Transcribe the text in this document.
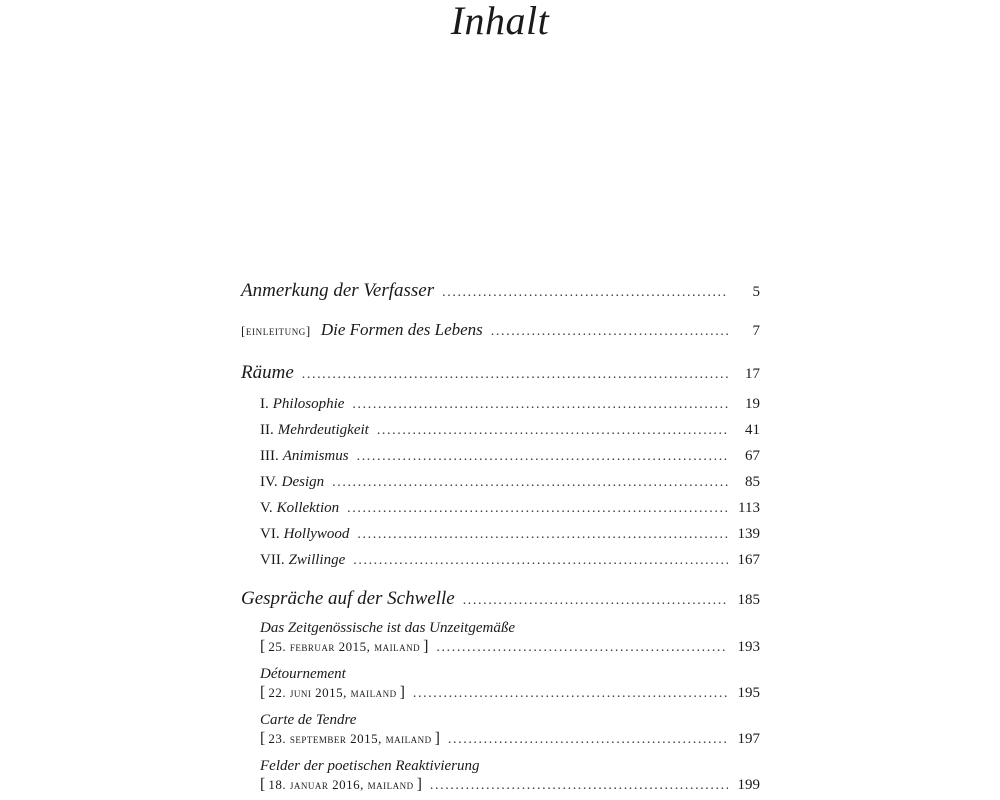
Inhalt
Anmerkung der Verfasser .....	5
[einleitung] Die Formen des Lebens .....	7
Räume .....	17
I. Philosophie .....	19
II. Mehrdeutigkeit .....	41
III. Animismus .....	67
IV. Design .....	85
V. Kollektion .....	113
VI. Hollywood .....	139
VII. Zwillinge .....	167
Gespräche auf der Schwelle .....	185
Das Zeitgenössische ist das Unzeitgemäße
[ 25. februar 2015, mailand ] .....	193
Détournement
[ 22. juni 2015, mailand ] .....	195
Carte de Tendre
[ 23. september 2015, mailand ] .....	197
Felder der poetischen Reaktivierung
[ 18. januar 2016, mailand ] .....	199
